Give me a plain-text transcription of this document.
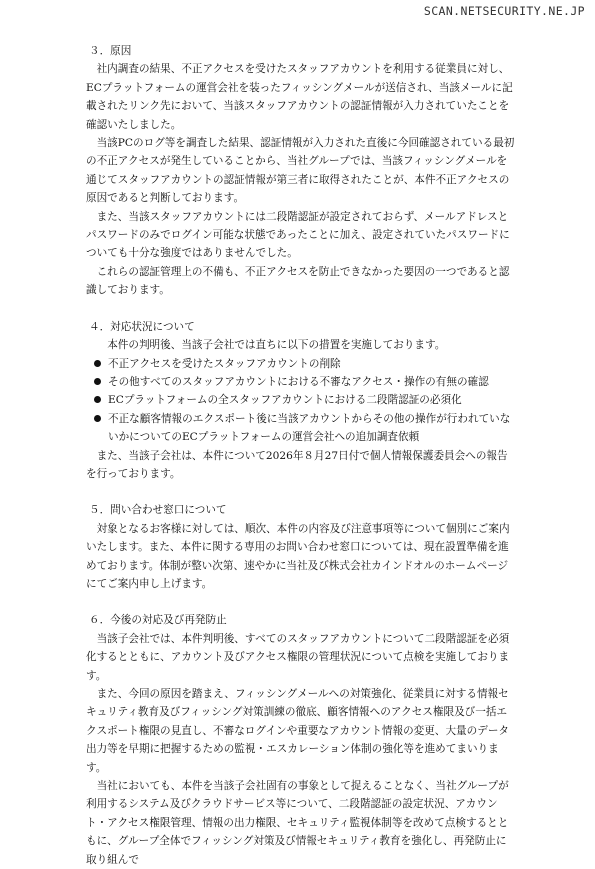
SCAN.NETSECURITY.NE.JP

３．原因

社内調査の結果、不正アクセスを受けたスタッフアカウントを利用する従業員に対し、ECプラットフォームの運営会社を装ったフィッシングメールが送信され、当該メールに記載されたリンク先において、当該スタッフアカウントの認証情報が入力されていたことを確認いたしました。

当該PCのログ等を調査した結果、認証情報が入力された直後に今回確認されている最初の不正アクセスが発生していることから、当社グループでは、当該フィッシングメールを通じてスタッフアカウントの認証情報が第三者に取得されたことが、本件不正アクセスの原因であると判断しております。

また、当該スタッフアカウントには二段階認証が設定されておらず、メールアドレスとパスワードのみでログイン可能な状態であったことに加え、設定されていたパスワードについても十分な強度ではありませんでした。

これらの認証管理上の不備も、不正アクセスを防止できなかった要因の一つであると認識しております。

４．対応状況について

本件の判明後、当該子会社では直ちに以下の措置を実施しております。

不正アクセスを受けたスタッフアカウントの削除
その他すべてのスタッフアカウントにおける不審なアクセス・操作の有無の確認
ECプラットフォームの全スタッフアカウントにおける二段階認証の必須化
不正な顧客情報のエクスポート後に当該アカウントからその他の操作が行われていないかについてのECプラットフォームの運営会社への追加調査依頼

また、当該子会社は、本件について2026年８月27日付で個人情報保護委員会への報告を行っております。

５．問い合わせ窓口について

対象となるお客様に対しては、順次、本件の内容及び注意事項等について個別にご案内いたします。また、本件に関する専用のお問い合わせ窓口については、現在設置準備を進めております。体制が整い次第、速やかに当社及び株式会社カインドオルのホームページにてご案内申し上げます。

６．今後の対応及び再発防止

当該子会社では、本件判明後、すべてのスタッフアカウントについて二段階認証を必須化するとともに、アカウント及びアクセス権限の管理状況について点検を実施しております。

また、今回の原因を踏まえ、フィッシングメールへの対策強化、従業員に対する情報セキュリティ教育及びフィッシング対策訓練の徹底、顧客情報へのアクセス権限及び一括エクスポート権限の見直し、不審なログインや重要なアカウント情報の変更、大量のデータ出力等を早期に把握するための監視・エスカレーション体制の強化等を進めてまいります。

当社においても、本件を当該子会社固有の事象として捉えることなく、当社グループが利用するシステム及びクラウドサービス等について、二段階認証の設定状況、アカウント・アクセス権限管理、情報の出力権限、セキュリティ監視体制等を改めて点検するとともに、グループ全体でフィッシング対策及び情報セキュリティ教育を強化し、再発防止に取り組んで
